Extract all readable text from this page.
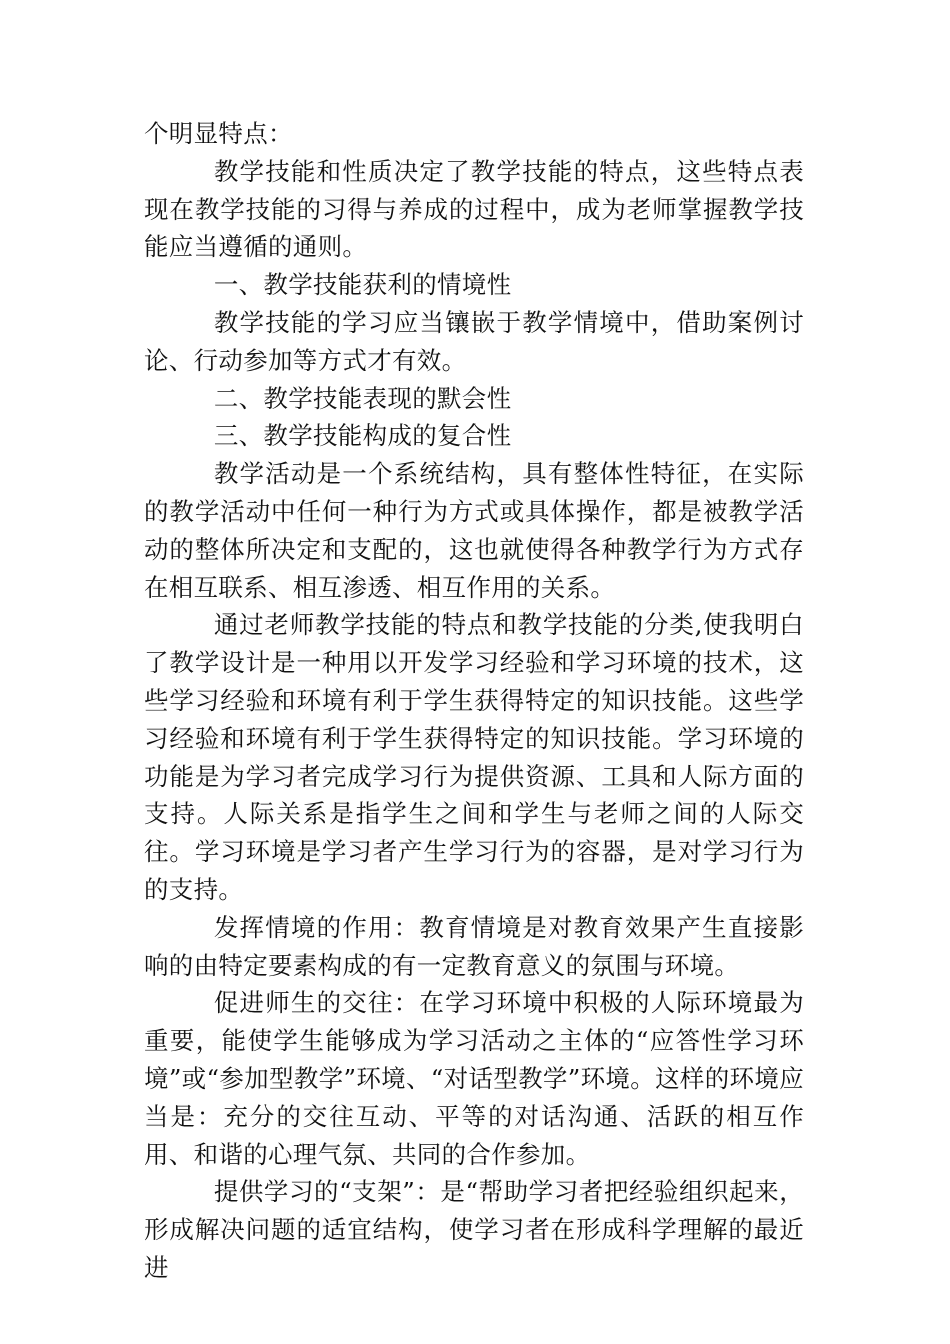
个明显特点：

教学技能和性质决定了教学技能的特点，这些特点表现在教学技能的习得与养成的过程中，成为老师掌握教学技能应当遵循的通则。

一、教学技能获利的情境性

教学技能的学习应当镶嵌于教学情境中，借助案例讨论、行动参加等方式才有效。

二、教学技能表现的默会性

三、教学技能构成的复合性

教学活动是一个系统结构，具有整体性特征，在实际的教学活动中任何一种行为方式或具体操作，都是被教学活动的整体所决定和支配的，这也就使得各种教学行为方式存在相互联系、相互渗透、相互作用的关系。

通过老师教学技能的特点和教学技能的分类,使我明白了教学设计是一种用以开发学习经验和学习环境的技术，这些学习经验和环境有利于学生获得特定的知识技能。这些学习经验和环境有利于学生获得特定的知识技能。学习环境的功能是为学习者完成学习行为提供资源、工具和人际方面的支持。人际关系是指学生之间和学生与老师之间的人际交往。学习环境是学习者产生学习行为的容器，是对学习行为的支持。

发挥情境的作用：教育情境是对教育效果产生直接影响的由特定要素构成的有一定教育意义的氛围与环境。

促进师生的交往：在学习环境中积极的人际环境最为重要，能使学生能够成为学习活动之主体的“应答性学习环境”或“参加型教学”环境、“对话型教学”环境。这样的环境应当是：充分的交往互动、平等的对话沟通、活跃的相互作用、和谐的心理气氛、共同的合作参加。

提供学习的“支架”：是“帮助学习者把经验组织起来，形成解决问题的适宜结构，使学习者在形成科学理解的最近进
